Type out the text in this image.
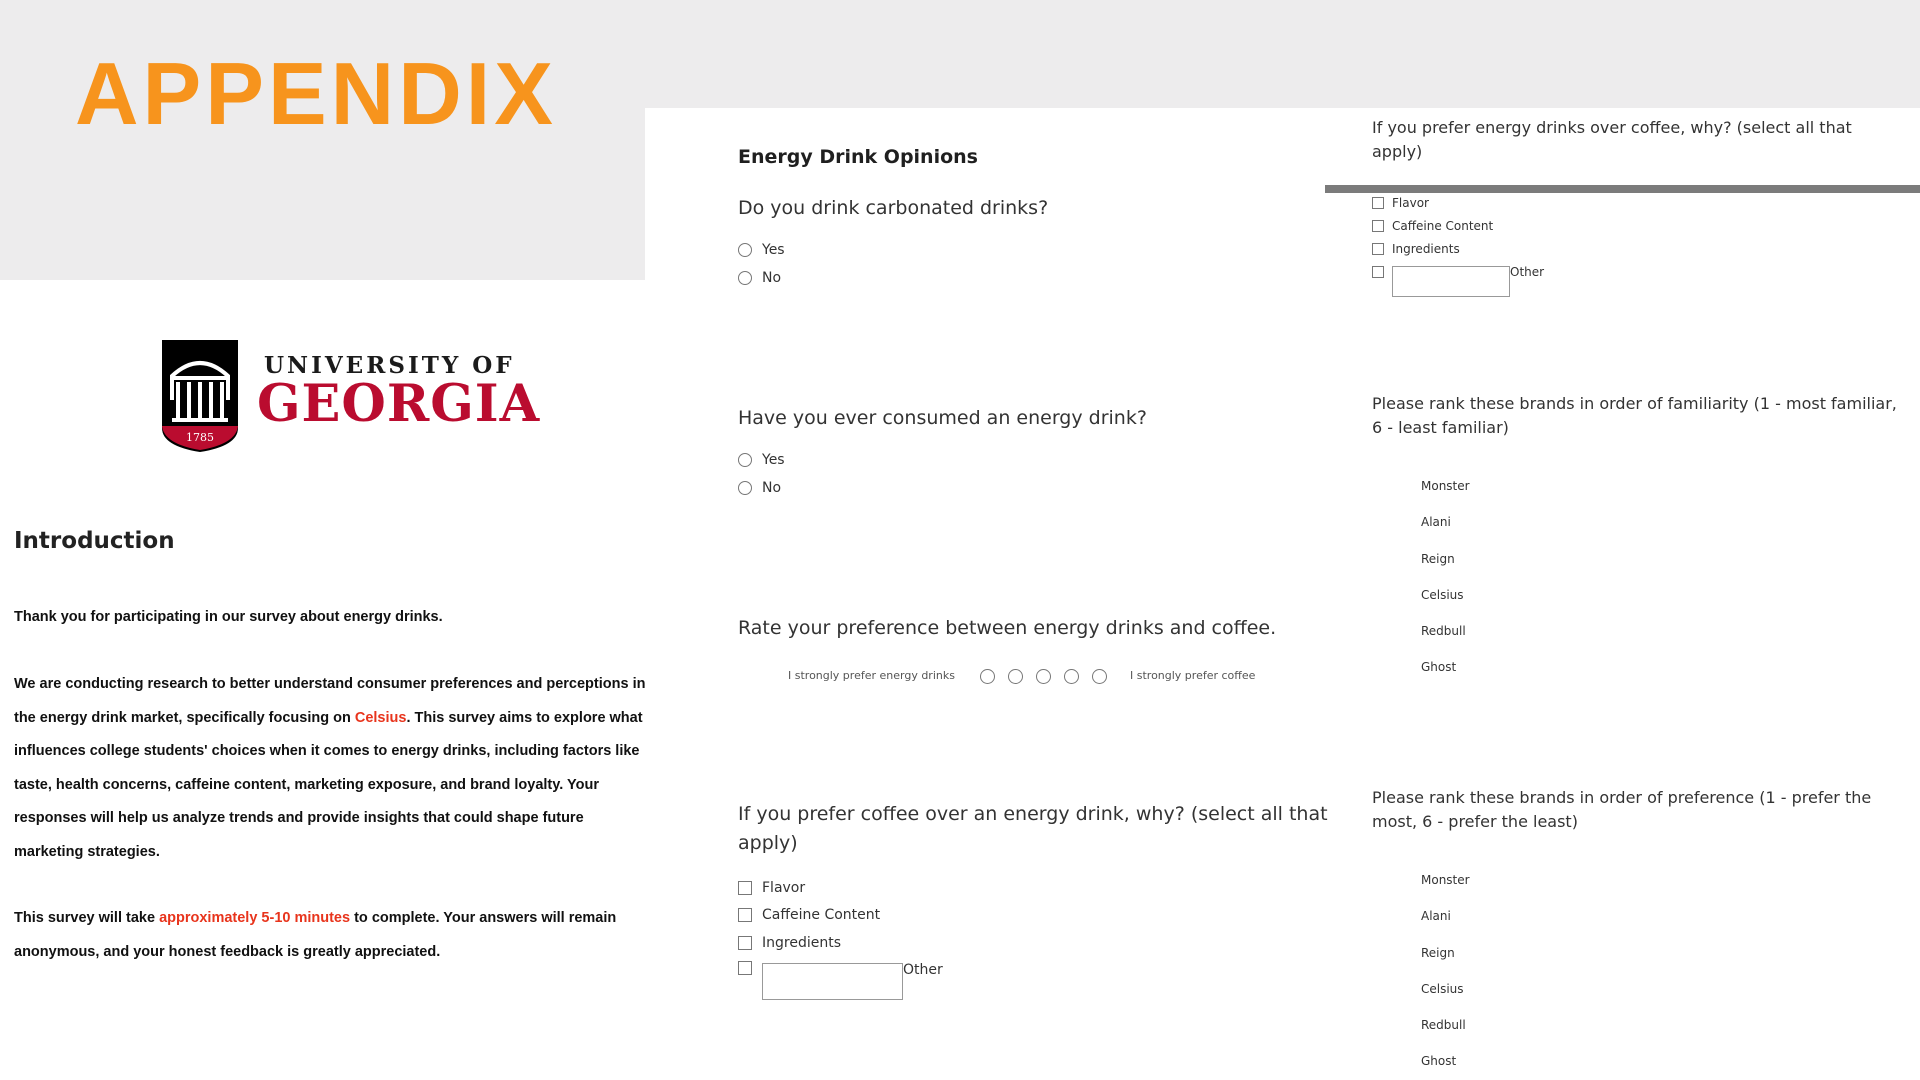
APPENDIX
1785
UNIVERSITY OF
GEORGIA
Introduction
Thank you for participating in our survey about energy drinks.
We are conducting research to better understand consumer preferences and perceptions in
the energy drink market, specifically focusing on Celsius. This survey aims to explore what
influences college students' choices when it comes to energy drinks, including factors like
taste, health concerns, caffeine content, marketing exposure, and brand loyalty. Your
responses will help us analyze trends and provide insights that could shape future
marketing strategies.
This survey will take approximately 5-10 minutes to complete. Your answers will remain
anonymous, and your honest feedback is greatly appreciated.
Energy Drink Opinions
Do you drink carbonated drinks?
Yes
No
Have you ever consumed an energy drink?
Yes
No
Rate your preference between energy drinks and coffee.
I strongly prefer energy drinks	I strongly prefer coffee
If you prefer coffee over an energy drink, why? (select all that
apply)
Flavor
Caffeine Content
Ingredients
Other
If you prefer energy drinks over coffee, why? (select all that
apply)
Flavor
Caffeine Content
Ingredients
Other
Please rank these brands in order of familiarity (1 - most familiar,
6 - least familiar)
Monster
Alani
Reign
Celsius
Redbull
Ghost
Please rank these brands in order of preference (1 - prefer the
most, 6 - prefer the least)
Monster
Alani
Reign
Celsius
Redbull
Ghost
